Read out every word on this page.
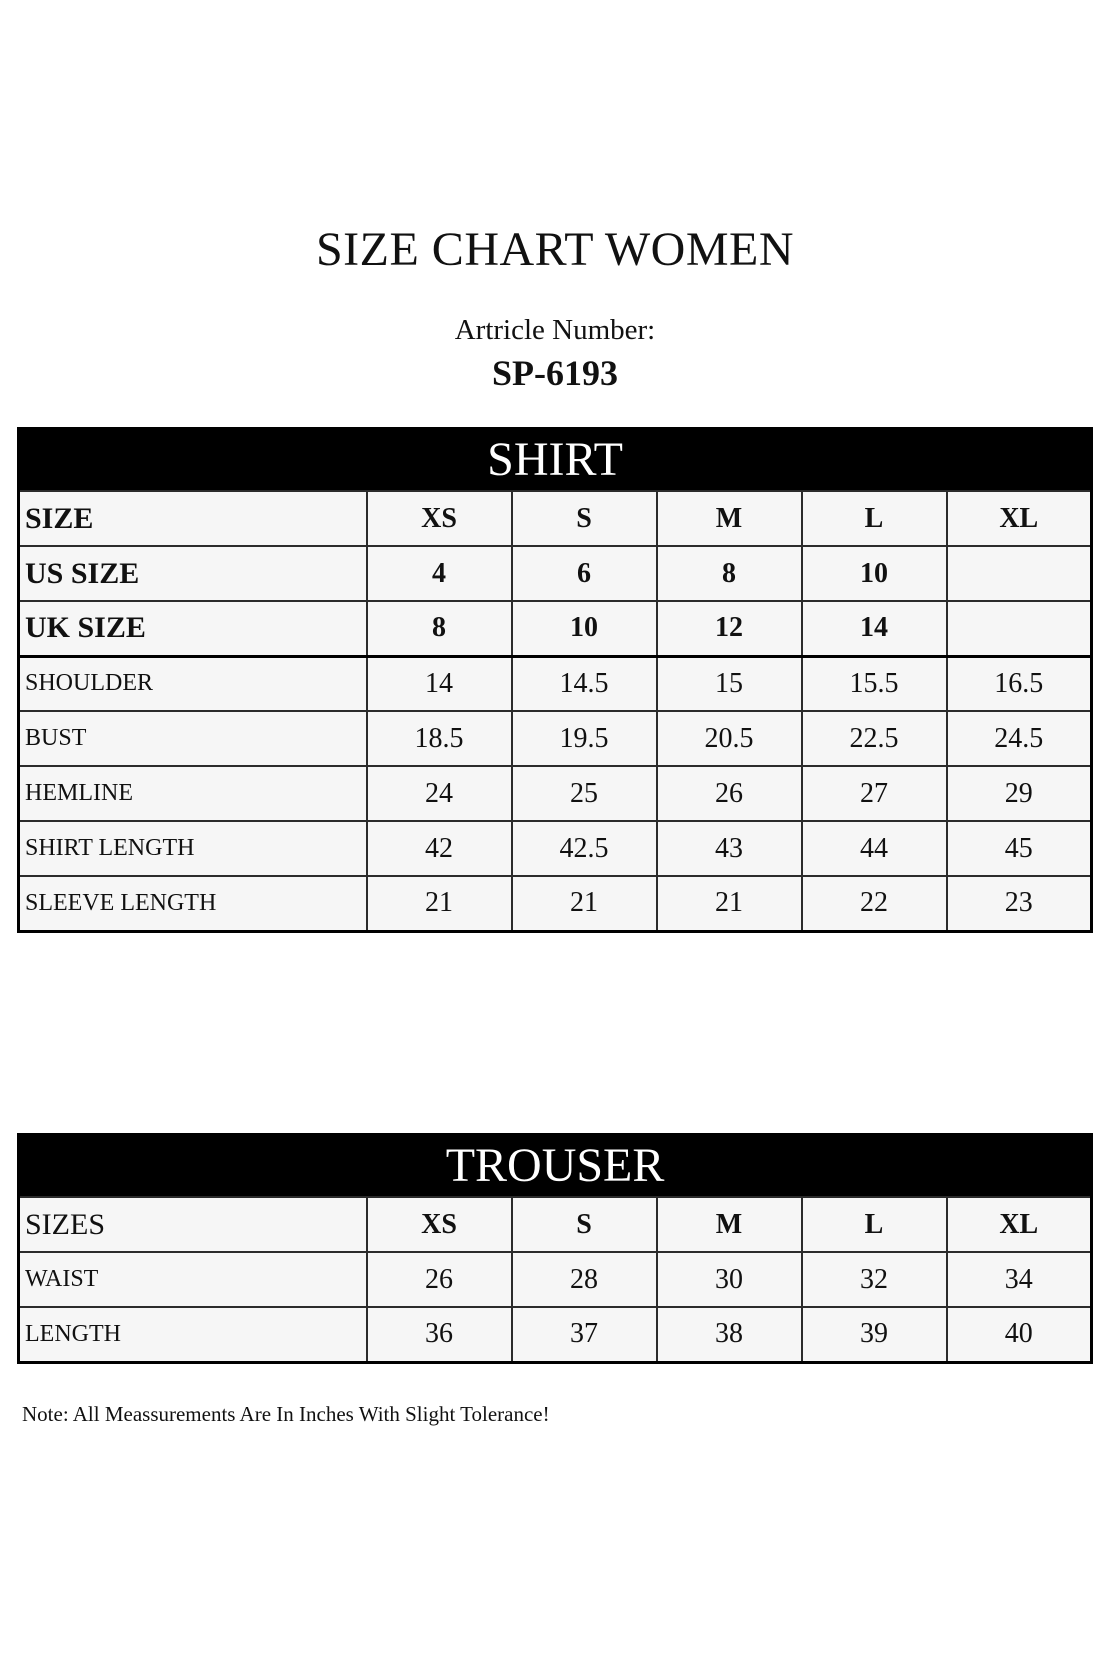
SIZE CHART WOMEN
Artricle Number:
SP-6193
SHIRT					
SIZE	XS	S	M	L	XL
US SIZE	4	6	8	10	
UK SIZE	8	10	12	14	
SHOULDER	14	14.5	15	15.5	16.5
BUST	18.5	19.5	20.5	22.5	24.5
HEMLINE	24	25	26	27	29
SHIRT LENGTH	42	42.5	43	44	45
SLEEVE LENGTH	21	21	21	22	23
TROUSER					
SIZES	XS	S	M	L	XL
WAIST	26	28	30	32	34
LENGTH	36	37	38	39	40
Note: All Meassurements Are In Inches With Slight Tolerance!
